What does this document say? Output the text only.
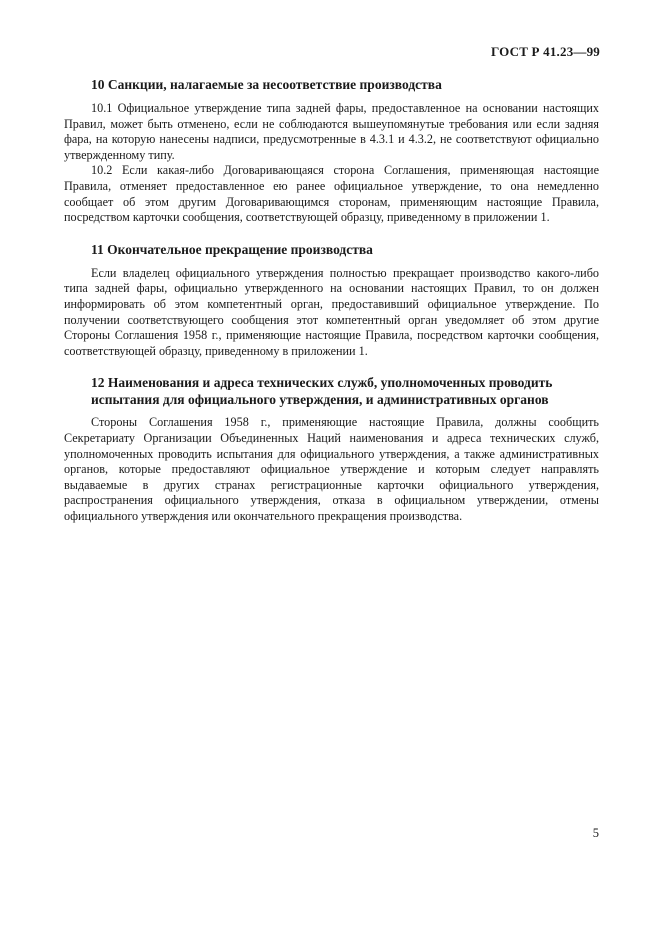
ГОСТ Р 41.23—99
10 Санкции, налагаемые за несоответствие производства

10.1 Официальное утверждение типа задней фары, предоставленное на основании настоящих Правил, может быть отменено, если не соблюдаются вышеупомянутые требования или если задняя фара, на которую нанесены надписи, предусмотренные в 4.3.1 и 4.3.2, не соответствуют официально утвержденному типу.

10.2 Если какая-либо Договаривающаяся сторона Соглашения, применяющая настоящие Правила, отменяет предоставленное ею ранее официальное утверждение, то она немедленно сообщает об этом другим Договаривающимся сторонам, применяющим настоящие Правила, посредством карточки сообщения, соответствующей образцу, приведенному в приложении 1.

11 Окончательное прекращение производства

Если владелец официального утверждения полностью прекращает производство какого-либо типа задней фары, официально утвержденного на основании настоящих Правил, то он должен информировать об этом компетентный орган, предоставивший официальное утверждение. По получении соответствующего сообщения этот компетентный орган уведомляет об этом другие Стороны Соглашения 1958 г., применяющие настоящие Правила, посредством карточки сообщения, соответствующей образцу, приведенному в приложении 1.

12 Наименования и адреса технических служб, уполномоченных проводить испытания для официального утверждения, и административных органов

Стороны Соглашения 1958 г., применяющие настоящие Правила, должны сообщить Секретариату Организации Объединенных Наций наименования и адреса технических служб, уполномоченных проводить испытания для официального утверждения, а также административных органов, которые предоставляют официальное утверждение и которым следует направлять выдаваемые в других странах регистрационные карточки официального утверждения, распространения официального утверждения, отказа в официальном утверждении, отмены официального утверждения или окончательного прекращения производства.

5
